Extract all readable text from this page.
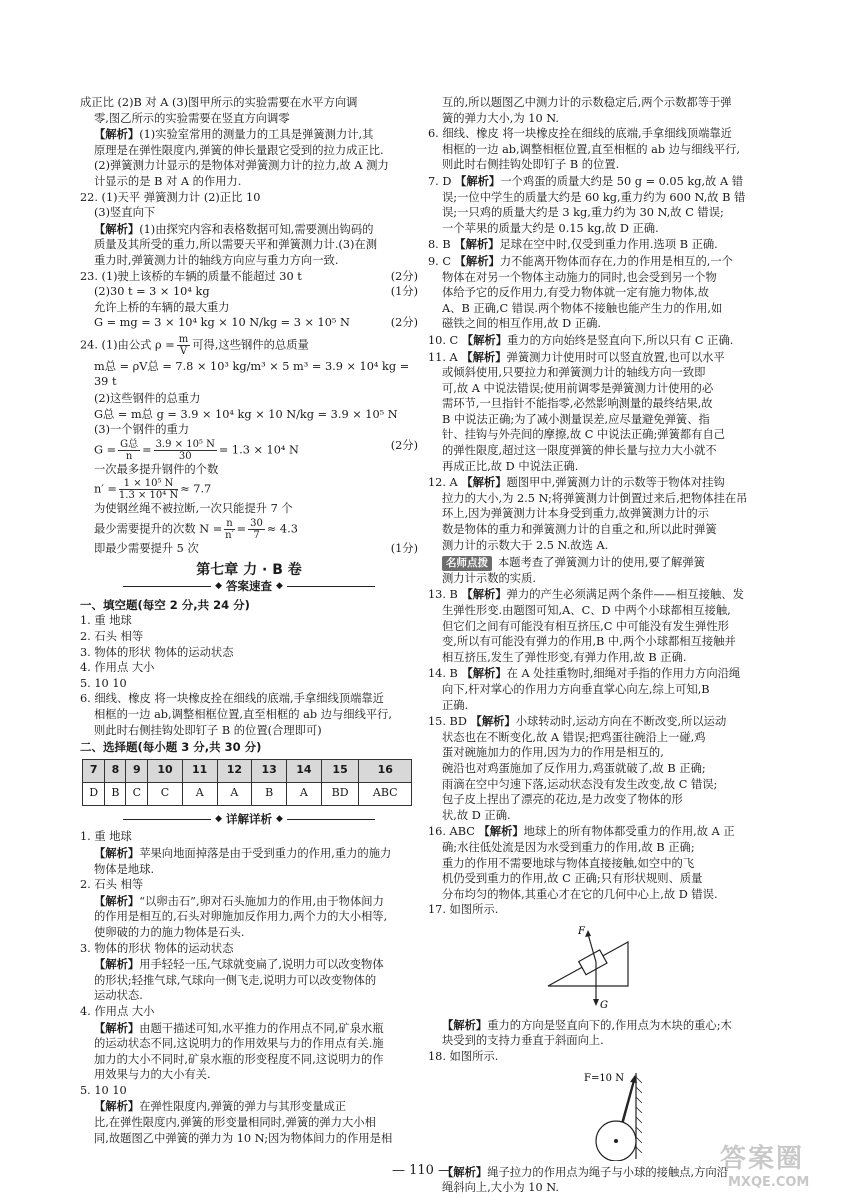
成正比 (2)B 对 A (3)图甲所示的实验需要在水平方向调

零,图乙所示的实验需要在竖直方向调零

【解析】(1)实验室常用的测量力的工具是弹簧测力计,其

原理是在弹性限度内,弹簧的伸长量跟它受到的拉力成正比.

(2)弹簧测力计显示的是物体对弹簧测力计的拉力,故 A 测力

计显示的是 B 对 A 的作用力.

22. (1)天平 弹簧测力计 (2)正比 10

(3)竖直向下

【解析】(1)由探究内容和表格数据可知,需要测出钩码的

质量及其所受的重力,所以需要天平和弹簧测力计.(3)在测

重力时,弹簧测力计的轴线方向应与重力方向一致.

23. (1)驶上该桥的车辆的质量不能超过 30 t	(2分)

(2)30 t = 3 × 10⁴ kg	(1分)

允许上桥的车辆的最大重力

G = mg = 3 × 10⁴ kg × 10 N/kg = 3 × 10⁵ N	(2分)

24. (1)由公式 $\rho = \frac{m}{V}$ 可得,这些钢件的总质量

m总 = ρV总 = 7.8 × 10³ kg/m³ × 5 m³ = 3.9 × 10⁴ kg = 39 t

(2)这些钢件的总重力

G总 = m总 g = 3.9 × 10⁴ kg × 10 N/kg = 3.9 × 10⁵ N

(3)一个钢件的重力

$G = \frac{\text{G总}}{n} = \frac{\text{3.9 × 10⁵ N}}{30} = 1.3 \times 10^4$ N	(2分)

一次最多提升钢件的个数

$n' = \frac{\text{1 × 10⁵ N}}{\text{1.3 × 10⁴ N}} \approx 7.7$

为使钢丝绳不被拉断,一次只能提升 7 个

最少需要提升的次数 $N = \frac{n}{n'} = \frac{30}{7} \approx 4.3$

即最少需要提升 5 次	(1分)

第七章 力 · B 卷
◆ 答案速查 ◆
一、填空题(每空 2 分,共 24 分)

1. 重 地球

2. 石头 相等

3. 物体的形状 物体的运动状态

4. 作用点 大小

5. 10 10

6. 细线、橡皮 将一块橡皮拴在细线的底端,手拿细线顶端靠近

相框的一边 ab,调整相框位置,直至相框的 ab 边与细线平行,

则此时右侧挂钩处即钉子 B 的位置(合理即可)

二、选择题(每小题 3 分,共 30 分)
7	8	9	10	11	12	13	14	15	16
D	B	C	C	A	A	B	A	BD	ABC
◆ 详解详析 ◆

1. 重 地球

【解析】苹果向地面掉落是由于受到重力的作用,重力的施力

物体是地球.

2. 石头 相等

【解析】“以卵击石”,卵对石头施加力的作用,由于物体间力

的作用是相互的,石头对卵施加反作用力,两个力的大小相等,

使卵破的力的施力物体是石头.

3. 物体的形状 物体的运动状态

【解析】用手轻轻一压,气球就变扁了,说明力可以改变物体

的形状;轻推气球,气球向一侧飞走,说明力可以改变物体的

运动状态.

4. 作用点 大小

【解析】由题干描述可知,水平推力的作用点不同,矿泉水瓶

的运动状态不同,这说明力的作用效果与力的作用点有关.施

加力的大小不同时,矿泉水瓶的形变程度不同,这说明力的作

用效果与力的大小有关.

5. 10 10

【解析】在弹性限度内,弹簧的弹力与其形变量成正

比,在弹性限度内,弹簧的形变量相同时,弹簧的弹力大小相

同,故题图乙中弹簧的弹力为 10 N;因为物体间力的作用是相

互的,所以题图乙中测力计的示数稳定后,两个示数都等于弹

簧的弹力大小,为 10 N.

6. 细线、橡皮 将一块橡皮拴在细线的底端,手拿细线顶端靠近

相框的一边 ab,调整相框位置,直至相框的 ab 边与细线平行,

则此时右侧挂钩处即钉子 B 的位置.

7. D 【解析】一个鸡蛋的质量大约是 50 g = 0.05 kg,故 A 错

误;一位中学生的质量大约是 60 kg,重力约为 600 N,故 B 错

误;一只鸡的质量大约是 3 kg,重力约为 30 N,故 C 错误;

一个苹果的质量大约是 0.15 kg,故 D 正确.

8. B 【解析】足球在空中时,仅受到重力作用.选项 B 正确.

9. C 【解析】力不能离开物体而存在,力的作用是相互的,一个

物体在对另一个物体主动施力的同时,也会受到另一个物

体给予它的反作用力,有受力物体就一定有施力物体,故

A、B 正确,C 错误.两个物体不接触也能产生力的作用,如

磁铁之间的相互作用,故 D 正确.

10. C 【解析】重力的方向始终是竖直向下,所以只有 C 正确.

11. A 【解析】弹簧测力计使用时可以竖直放置,也可以水平

或倾斜使用,只要拉力和弹簧测力计的轴线方向一致即

可,故 A 中说法错误;使用前调零是弹簧测力计使用的必

需环节,一旦指针不能指零,必然影响测量的最终结果,故

B 中说法正确;为了减小测量误差,应尽量避免弹簧、指

针、挂钩与外壳间的摩擦,故 C 中说法正确;弹簧都有自己

的弹性限度,超过这一限度弹簧的伸长量与拉力大小就不

再成正比,故 D 中说法正确.

12. A 【解析】题图甲中,弹簧测力计的示数等于物体对挂钩

拉力的大小,为 2.5 N;将弹簧测力计倒置过来后,把物体挂在吊

环上,因为弹簧测力计本身受到重力,故弹簧测力计的示

数是物体的重力和弹簧测力计的自重之和,所以此时弹簧

测力计的示数大于 2.5 N.故选 A.

名师点拨 本题考查了弹簧测力计的使用,要了解弹簧

测力计示数的实质.

13. B 【解析】弹力的产生必须满足两个条件——相互接触、发

生弹性形变.由题图可知,A、C、D 中两个小球都相互接触,

但它们之间有可能没有相互挤压,C 中可能没有发生弹性形

变,所以有可能没有弹力的作用,B 中,两个小球都相互接触并

相互挤压,发生了弹性形变,有弹力作用,故 B 正确.

14. B 【解析】在 A 处挂重物时,细绳对手指的作用力方向沿绳

向下,杆对掌心的作用力方向垂直掌心向左,综上可知,B

正确.

15. BD 【解析】小球转动时,运动方向在不断改变,所以运动

状态也在不断变化,故 A 错误;把鸡蛋往碗沿上一碰,鸡

蛋对碗施加力的作用,因为力的作用是相互的,

碗沿也对鸡蛋施加了反作用力,鸡蛋就破了,故 B 正确;

雨滴在空中匀速下落,运动状态没有发生改变,故 C 错误;

包子皮上捏出了漂亮的花边,是力改变了物体的形

状,故 D 正确.

16. ABC 【解析】地球上的所有物体都受重力的作用,故 A 正

确;水往低处流是因为水受到重力的作用,故 B 正确;

重力的作用不需要地球与物体直接接触,如空中的飞

机仍受到重力的作用,故 C 正确;只有形状规则、质量

分布均匀的物体,其重心才在它的几何中心上,故 D 错误.

17. 如图所示.

F
G

【解析】重力的方向是竖直向下的,作用点为木块的重心;木

块受到的支持力垂直于斜面向上.

18. 如图所示.

F=10 N

【解析】绳子拉力的作用点为绳子与小球的接触点,方向沿

绳斜向上,大小为 10 N.

— 110 —	答案圈
MXQE.COM
